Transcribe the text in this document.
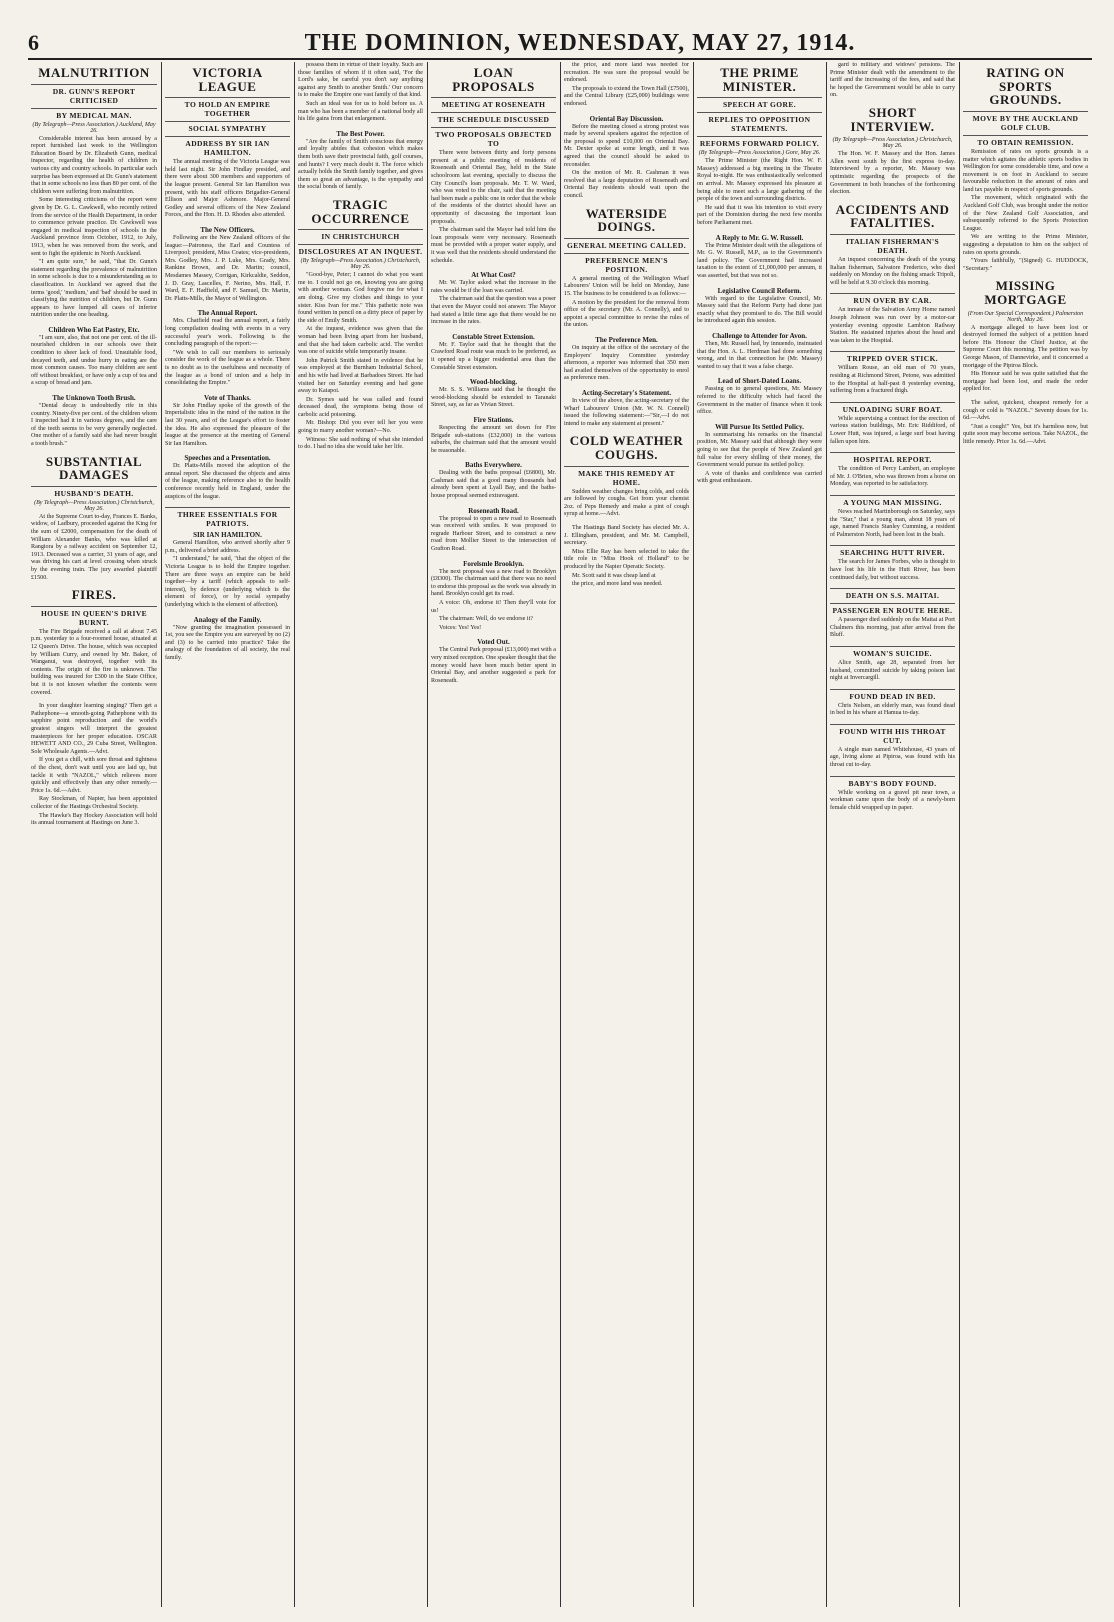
6	THE DOMINION, WEDNESDAY, MAY 27, 1914.
MALNUTRITION
DR. GUNN'S REPORT CRITICISED
BY MEDICAL MAN.
(By Telegraph—Press Association.) Auckland, May 26.

Considerable interest has been aroused by a report furnished last week to the Wellington Education Board by Dr. Elizabeth Gunn, medical inspector, regarding the health of children in various city and country schools. In particular such surprise has been expressed at Dr. Gunn's statement that in some schools no less than 80 per cent. of the children were suffering from malnutrition.

Some interesting criticisms of the report were given by Dr. G. L. Cawkwell, who recently retired from the service of the Health Department, in order to commence private practice. Dr. Cawkwell was engaged in medical inspection of schools in the Auckland province from October, 1912, to July, 1913, when he was removed from the work, and sent to fight the epidemic in North Auckland.

"I am quite sure," he said, "that Dr. Gunn's statement regarding the prevalence of malnutrition in some schools is due to a misunderstanding as to classification. In Auckland we agreed that the terms 'good,' 'medium,' and 'bad' should be used in classifying the nutrition of children, but Dr. Gunn appears to have lumped all cases of inferior nutrition under the one heading.

Children Who Eat Pastry, Etc.

"I am sure, also, that not one per cent. of the ill-nourished children in our schools owe their condition to sheer lack of food. Unsuitable food, decayed teeth, and undue hurry in eating are the most common causes. Too many children are sent off without breakfast, or have only a cup of tea and a scrap of bread and jam.

The Unknown Tooth Brush.

"Dental decay is undoubtedly rife in this country. Ninety-five per cent. of the children whom I inspected had it in various degrees, and the care of the teeth seems to be very generally neglected. One mother of a family said she had never bought a tooth brush."

SUBSTANTIAL DAMAGES
HUSBAND'S DEATH.
(By Telegraph—Press Association.) Christchurch, May 26.

At the Supreme Court to-day, Frances E. Banks, widow, of Ladbury, proceeded against the King for the sum of £2000, compensation for the death of William Alexander Banks, who was killed at Rangiora by a railway accident on September 12, 1913. Deceased was a carrier, 31 years of age, and was driving his cart at level crossing when struck by the evening train. The jury awarded plaintiff £1500.

FIRES.
HOUSE IN QUEEN'S DRIVE BURNT.

The Fire Brigade received a call at about 7.45 p.m. yesterday to a four-roomed house, situated at 12 Queen's Drive. The house, which was occupied by William Curry, and owned by Mr. Baker, of Wanganui, was destroyed, together with its contents. The origin of the fire is unknown. The building was insured for £300 in the State Office, but it is not known whether the contents were covered.

In your daughter learning singing? Then get a Pathephone—a smooth-going Pathephone with its sapphire point reproduction and the world's greatest singers will interpret the greatest masterpieces for her proper education. OSCAR HEWETT AND CO., 29 Cuba Street, Wellington. Sole Wholesale Agents.—Advt.

If you get a chill, with sore throat and tightness of the chest, don't wait until you are laid up, but tackle it with "NAZOL," which relieves more quickly and effectively than any other remedy.—Price 1s. 6d.—Advt.

Ray Stockman, of Napier, has been appointed collector of the Hastings Orchestral Society.

The Hawke's Bay Hockey Association will hold its annual tournament at Hastings on June 3.

VICTORIA LEAGUE
TO HOLD AN EMPIRE TOGETHER
SOCIAL SYMPATHY
ADDRESS BY SIR IAN HAMILTON.

The annual meeting of the Victoria League was held last night. Sir John Findlay presided, and there were about 300 members and supporters of the league present. General Sir Ian Hamilton was present, with his staff officers Brigadier-General Ellison and Major Ashmore. Major-General Godley and several officers of the New Zealand Forces, and the Hon. H. D. Rhodes also attended.

The New Officers.

Following are the New Zealand officers of the league:—Patroness, the Earl and Countess of Liverpool; president, Miss Coates; vice-presidents, Mrs. Godley, Mrs. J. P. Luke, Mrs. Grady, Mrs. Rankine Brown, and Dr. Martin; council, Mesdames Massey, Corrigan, Kirkcaldie, Seddon, J. D. Gray, Lascelles, F. Nerino, Mrs. Hall, F. Ward, E. F. Hadfield, and F. Samuel, Dr. Martin, Dr. Platts-Mills, the Mayor of Wellington.

The Annual Report.

Mrs. Chatfield read the annual report, a fairly long compilation dealing with events in a very successful year's work. Following is the concluding paragraph of the report:—

"We wish to call our members to seriously consider the work of the league as a whole. There is no doubt as to the usefulness and necessity of the league as a bond of union and a help in consolidating the Empire."

Vote of Thanks.

Sir John Findlay spoke of the growth of the Imperialistic idea in the mind of the nation in the last 30 years, and of the League's effort to foster the idea. He also expressed the pleasure of the league at the presence at the meeting of General Sir Ian Hamilton.

Speeches and a Presentation.

Dr. Platts-Mills moved the adoption of the annual report. She discussed the objects and aims of the league, making reference also to the health conference recently held in England, under the auspices of the league.

THREE ESSENTIALS FOR PATRIOTS.
SIR IAN HAMILTON.

General Hamilton, who arrived shortly after 9 p.m., delivered a brief address.

"I understand," he said, "that the object of the Victoria League is to hold the Empire together. There are three ways an empire can be held together—by a tariff (which appeals to self-interest), by defence (underlying which is the element of force), or by social sympathy (underlying which is the element of affection).

Analogy of the Family.

"Now granting the imagination possessed in 1st, you see the Empire you are surveyed by no (2) and (3) to be carried into practice? Take the analogy of the foundation of all society, the real family.

possess them in virtue of their loyalty. Such are those families of whom if it often said, 'For the Lord's sake, be careful you don't say anything against any Smith to another Smith.' Our concern is to make the Empire one vast family of that kind.

Such an ideal was for us to hold before us. A man who has been a member of a national body all his life gains from that enlargement.

The Best Power.

"Are the family of Smith conscious that energy and loyalty abides that cohesion which makes them both save their provincial faith, golf courses, and hunts? I very much doubt it. The force which actually holds the Smith family together, and gives them so great an advantage, is the sympathy and the social bonds of family.

TRAGIC OCCURRENCE
IN CHRISTCHURCH
DISCLOSURES AT AN INQUEST.
(By Telegraph—Press Association.) Christchurch, May 26.

"Good-bye, Peter; I cannot do what you want me to. I could not go on, knowing you are going with another woman. God forgive me for what I am doing. Give my clothes and things to your sister. Kiss Ivan for me." This pathetic note was found written in pencil on a dirty piece of paper by the side of Emily Smith.

At the inquest, evidence was given that the woman had been living apart from her husband, and that she had taken carbolic acid. The verdict was one of suicide while temporarily insane.

John Patrick Smith stated in evidence that he was employed at the Burnham Industrial School, and his wife had lived at Barbadoes Street. He had visited her on Saturday evening and had gone away to Kaiapoi.

Dr. Symes said he was called and found deceased dead, the symptoms being those of carbolic acid poisoning.

Mr. Bishop: Did you ever tell her you were going to marry another woman?—No.

Witness: She said nothing of what she intended to do. I had no idea she would take her life.

LOAN PROPOSALS
MEETING AT ROSENEATH
THE SCHEDULE DISCUSSED
TWO PROPOSALS OBJECTED TO

There were between thirty and forty persons present at a public meeting of residents of Roseneath and Oriental Bay, held in the State schoolroom last evening, specially to discuss the City Council's loan proposals. Mr. T. W. Ward, who was voted to the chair, said that the meeting had been made a public one in order that the whole of the residents of the district should have an opportunity of discussing the important loan proposals.

The chairman said the Mayor had told him the loan proposals were very necessary. Roseneath must be provided with a proper water supply, and it was well that the residents should understand the schedule.

At What Cost?

Mr. W. Taylor asked what the increase in the rates would be if the loan was carried.

The chairman said that the question was a poser that even the Mayor could not answer. The Mayor had stated a little time ago that there would be no increase in the rates.

Constable Street Extension.

Mr. F. Taylor said that he thought that the Crawford Road route was much to be preferred, as it opened up a bigger residential area than the Constable Street extension.

Wood-blocking.

Mr. S. S. Williams said that he thought the wood-blocking should be extended to Taranaki Street, say, as far as Vivian Street.

Fire Stations.

Respecting the amount set down for Fire Brigade sub-stations (£32,000) in the various suburbs, the chairman said that the amount would be reasonable.

Baths Everywhere.

Dealing with the baths proposal (£6800), Mr. Cashman said that a good many thousands had already been spent at Lyall Bay, and the baths-house proposal seemed extravagant.

Roseneath Road.

The proposal to open a new road to Roseneath was received with smiles. It was proposed to regrade Harbour Street, and to construct a new road from Mollier Street to the intersection of Grafton Road.

Forelsmle Brooklyn.

The next proposal was a new road to Brooklyn (£8300). The chairman said that there was no need to endorse this proposal as the work was already in hand. Brooklyn could get its road.

A voice: Oh, endorse it! Then they'll vote for us!

The chairman: Well, do we endorse it?

Voices: Yes! Yes!

Voted Out.

The Central Park proposal (£13,000) met with a very mixed reception. One speaker thought that the money would have been much better spent in Oriental Bay, and another suggested a park for Roseneath.

the price, and more land was needed for recreation. He was sure the proposal would be endorsed.

The proposals to extend the Town Hall (£7500), and the Central Library (£25,000) buildings were endorsed.

Oriental Bay Discussion.

Before the meeting closed a strong protest was made by several speakers against the rejection of the proposal to spend £10,000 on Oriental Bay. Mr. Dexter spoke at some length, and it was agreed that the council should be asked to reconsider.

On the motion of Mr. R. Cashman it was resolved that a large deputation of Roseneath and Oriental Bay residents should wait upon the council.

WATERSIDE DOINGS.
GENERAL MEETING CALLED.
PREFERENCE MEN'S POSITION.

A general meeting of the Wellington Wharf Labourers' Union will be held on Monday, June 15. The business to be considered is as follows:—

A motion by the president for the removal from office of the secretary (Mr. A. Connelly), and to appoint a special committee to revise the rules of the union.

The Preference Men.

On inquiry at the office of the secretary of the Employers' Inquiry Committee yesterday afternoon, a reporter was informed that 350 men had availed themselves of the opportunity to enrol as preference men.

Acting-Secretary's Statement.

In view of the above, the acting-secretary of the Wharf Labourers' Union (Mr. W. N. Connell) issued the following statement:—"Sir,—I do not intend to make any statement at present."

COLD WEATHER COUGHS.
MAKE THIS REMEDY AT HOME.

Sudden weather changes bring colds, and colds are followed by coughs. Get from your chemist 2oz. of Peps Remedy and make a pint of cough syrup at home.—Advt.

The Hastings Band Society has elected Mr. A. J. Ellingham, president, and Mr. M. Campbell, secretary.

Miss Ellie Ray has been selected to take the title role in "Miss Hook of Holland" to be produced by the Napier Operatic Society.

Mr. Scott said it was cheap land at

the price, and more land was needed.

THE PRIME MINISTER.
SPEECH AT GORE.
REPLIES TO OPPOSITION STATEMENTS.
REFORMS FORWARD POLICY.
(By Telegraph—Press Association.) Gore, May 26.

The Prime Minister (the Right Hon. W. F. Massey) addressed a big meeting in the Theatre Royal to-night. He was enthusiastically welcomed on arrival. Mr. Massey expressed his pleasure at being able to meet such a large gathering of the people of the town and surrounding districts.

He said that it was his intention to visit every part of the Dominion during the next few months before Parliament met.

A Reply to Mr. G. W. Russell.

The Prime Minister dealt with the allegations of Mr. G. W. Russell, M.P., as to the Government's land policy. The Government had increased taxation to the extent of £1,000,000 per annum, it was asserted, but that was not so.

Legislative Council Reform.

With regard to the Legislative Council, Mr. Massey said that the Reform Party had done just exactly what they promised to do. The Bill would be introduced again this session.

Challenge to Attender for Avon.

Then, Mr. Russell had, by innuendo, insinuated that the Hon. A. L. Herdman had done something wrong, and in that connection he (Mr. Massey) wanted to say that it was a false charge.

Lead of Short-Dated Loans.

Passing on to general questions, Mr. Massey referred to the difficulty which had faced the Government in the matter of finance when it took office.

Will Pursue Its Settled Policy.

In summarising his remarks on the financial position, Mr. Massey said that although they were going to see that the people of New Zealand got full value for every shilling of their money, the Government would pursue its settled policy.

A vote of thanks and confidence was carried with great enthusiasm.

gard to military and widows' pensions. The Prime Minister dealt with the amendment to the tariff and the increasing of the fees, and said that he hoped the Government would be able to carry on.

SHORT INTERVIEW.
(By Telegraph—Press Association.) Christchurch, May 26.

The Hon. W. F. Massey and the Hon. James Allen went south by the first express to-day. Interviewed by a reporter, Mr. Massey was optimistic regarding the prospects of the Government in both branches of the forthcoming election.

ACCIDENTS AND FATALITIES.
ITALIAN FISHERMAN'S DEATH.

An inquest concerning the death of the young Italian fisherman, Salvatore Frederico, who died suddenly on Monday on the fishing smack Tripoli, will be held at 9.30 o'clock this morning.

RUN OVER BY CAR.

An inmate of the Salvation Army Home named Joseph Johnson was run over by a motor-car yesterday evening opposite Lambton Railway Station. He sustained injuries about the head and was taken to the Hospital.

TRIPPED OVER STICK.

William Rouse, an old man of 70 years, residing at Richmond Street, Petone, was admitted to the Hospital at half-past 8 yesterday evening, suffering from a fractured thigh.

UNLOADING SURF BOAT.

While supervising a contract for the erection of various station buildings, Mr. Eric Riddiford, of Lower Hutt, was injured, a large surf boat having fallen upon him.

HOSPITAL REPORT.

The condition of Percy Lambert, an employee of Mr. J. O'Brien, who was thrown from a horse on Monday, was reported to be satisfactory.

A YOUNG MAN MISSING.

News reached Martinborough on Saturday, says the "Star," that a young man, about 18 years of age, named Francis Stanley Cumming, a resident of Palmerston North, had been lost in the bush.

SEARCHING HUTT RIVER.

The search for James Forbes, who is thought to have lost his life in the Hutt River, has been continued daily, but without success.

DEATH ON S.S. MAITAI.
PASSENGER EN ROUTE HERE.

A passenger died suddenly on the Maitai at Port Chalmers this morning, just after arrival from the Bluff.

WOMAN'S SUICIDE.

Alice Smith, age 28, separated from her husband, committed suicide by taking poison last night at Invercargill.

FOUND DEAD IN BED.

Chris Nelsen, an elderly man, was found dead in bed in his whare at Hamua to-day.

FOUND WITH HIS THROAT CUT.

A single man named Whitehouse, 43 years of age, living alone at Pipiroa, was found with his throat cut to-day.

BABY'S BODY FOUND.

While working on a gravel pit near town, a workman came upon the body of a newly-born female child wrapped up in paper.

RATING ON SPORTS GROUNDS.
MOVE BY THE AUCKLAND GOLF CLUB.
TO OBTAIN REMISSION.

Remission of rates on sports grounds is a matter which agitates the athletic sports bodies in Wellington for some considerable time, and now a movement is on foot in Auckland to secure favourable reduction in the amount of rates and land tax payable in respect of sports grounds.

The movement, which originated with the Auckland Golf Club, was brought under the notice of the New Zealand Golf Association, and subsequently referred to the Sports Protection League.

We are writing to the Prime Minister, suggesting a deputation to him on the subject of rates on sports grounds.

"Yours faithfully, "(Signed) G. HUDDOCK, "Secretary."

MISSING MORTGAGE
(From Our Special Correspondent.) Palmerston North, May 26.

A mortgage alleged to have been lost or destroyed formed the subject of a petition heard before His Honour the Chief Justice, at the Supreme Court this morning. The petition was by George Mason, of Dannevirke, and it concerned a mortgage of the Pipiroa Block.

His Honour said he was quite satisfied that the mortgage had been lost, and made the order applied for.

The safest, quickest, cheapest remedy for a cough or cold is "NAZOL." Seventy doses for 1s. 6d.—Advt.

"Just a cough!" Yes, but it's harmless now, but quite soon may become serious. Take NAZOL, the little remedy. Price 1s. 6d.—Advt.
